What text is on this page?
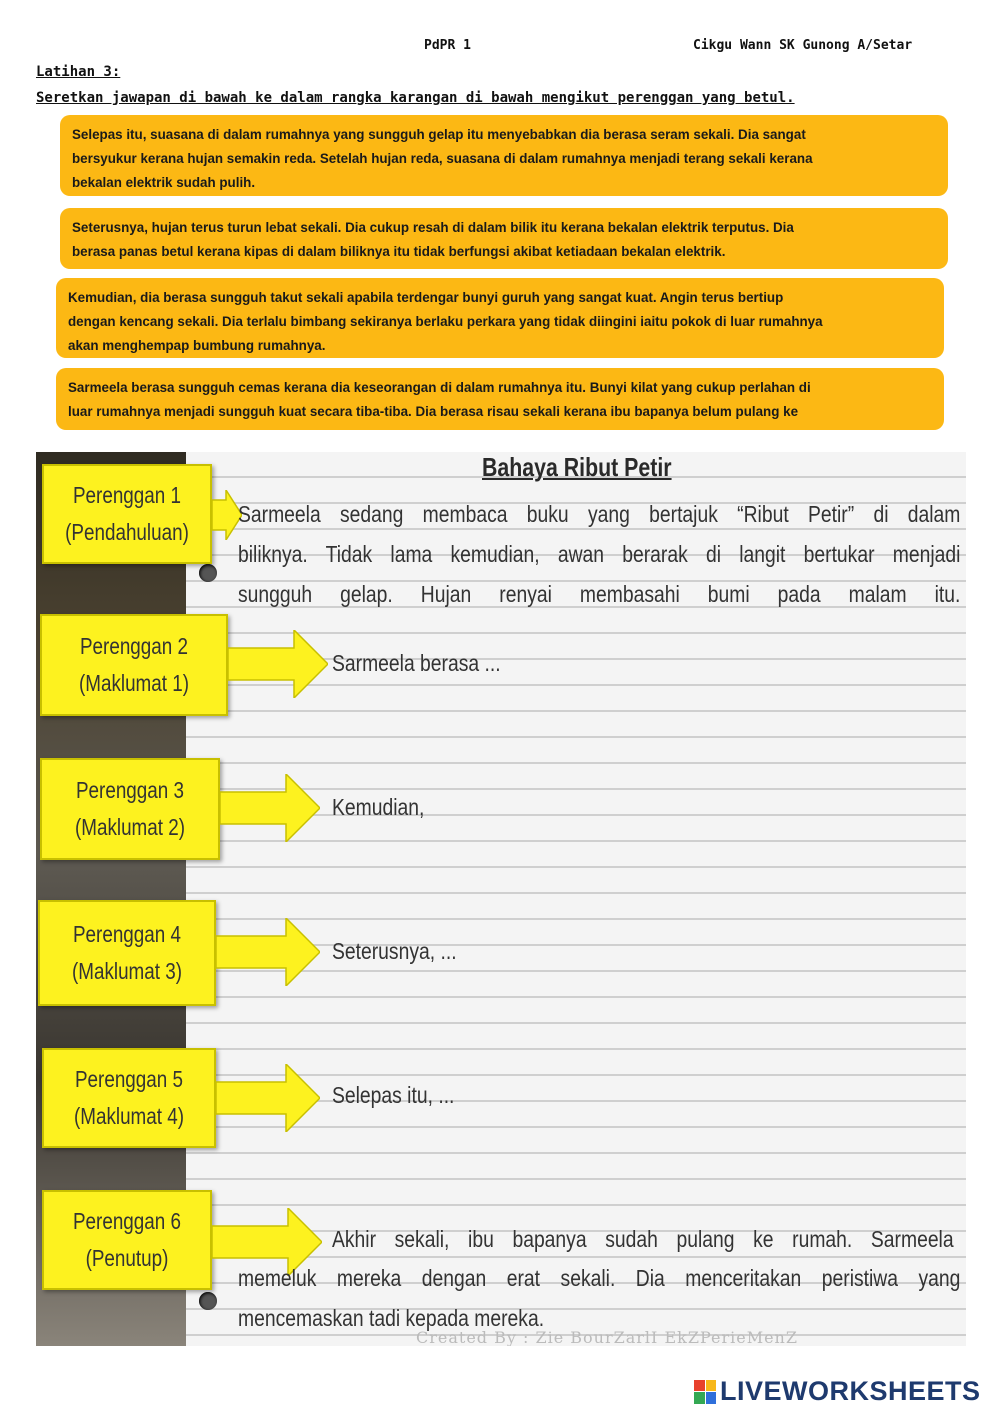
PdPR 1	Cikgu Wann SK Gunong A/Setar
Latihan 3:
Seretkan jawapan di bawah ke dalam rangka karangan di bawah mengikut perenggan yang betul.
Selepas itu, suasana di dalam rumahnya yang sungguh gelap itu menyebabkan dia berasa seram sekali. Dia sangat
bersyukur kerana hujan semakin reda. Setelah hujan reda, suasana di dalam rumahnya menjadi terang sekali kerana
bekalan elektrik sudah pulih.
Seterusnya, hujan terus turun lebat sekali. Dia cukup resah di dalam bilik itu kerana bekalan elektrik terputus. Dia
berasa panas betul kerana kipas di dalam biliknya itu tidak berfungsi akibat ketiadaan bekalan elektrik.
Kemudian, dia berasa sungguh takut sekali apabila terdengar bunyi guruh yang sangat kuat. Angin terus bertiup
dengan kencang sekali. Dia terlalu bimbang sekiranya berlaku perkara yang tidak diingini iaitu pokok di luar rumahnya
akan menghempap bumbung rumahnya.
Sarmeela berasa sungguh cemas kerana dia keseorangan di dalam rumahnya itu. Bunyi kilat yang cukup perlahan di
luar rumahnya menjadi sungguh kuat secara tiba-tiba. Dia berasa risau sekali kerana ibu bapanya belum pulang ke
Bahaya Ribut Petir
Perenggan 1
(Pendahuluan)
Sarmeela sedang membaca buku yang bertajuk “Ribut Petir” di dalam
biliknya. Tidak lama kemudian, awan berarak di langit bertukar menjadi
sungguh gelap. Hujan renyai membasahi bumi pada malam itu.
Perenggan 2
(Maklumat 1)
Sarmeela berasa ...
Perenggan 3
(Maklumat 2)
Kemudian,
Perenggan 4
(Maklumat 3)
Seterusnya, ...
Perenggan 5
(Maklumat 4)
Selepas itu, ...
Perenggan 6
(Penutup)
Akhir sekali, ibu bapanya sudah pulang ke rumah. Sarmeela
memeluk mereka dengan erat sekali. Dia menceritakan peristiwa yang
mencemaskan tadi kepada mereka.
Created By : Zie BourZarlI EkZPerieMenZ
LIVEWORKSHEETS
